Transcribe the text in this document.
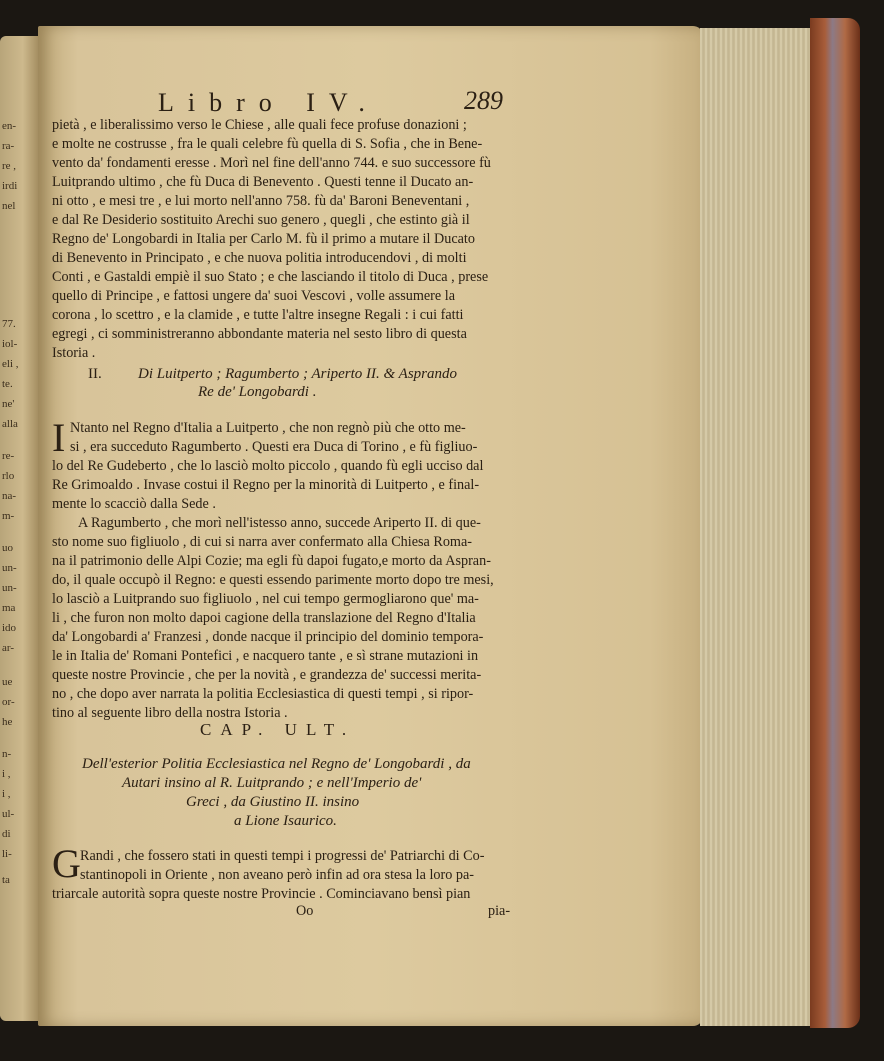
en-
ra-
re ,
irdi
nel
77.
iol-
eli ,
te.
ne'
alla
re-
rlo
na-
m-
uo
un-
un-
ma
ido
ar-
ue
or-
he
n-
i ,
i ,
ul-
di
li-
ta
Libro IV.	289
pietà , e liberalissimo verso le Chiese , alle quali fece profuse donazioni ;
e molte ne costrusse , fra le quali celebre fù quella di S. Sofia , che in Bene-
vento da' fondamenti eresse . Morì nel fine dell'anno 744. e suo successore fù
Luitprando ultimo , che fù Duca di Benevento . Questi tenne il Ducato an-
ni otto , e mesi tre , e lui morto nell'anno 758. fù da' Baroni Beneventani ,
e dal Re Desiderio sostituito Arechi suo genero , quegli , che estinto già il
Regno de' Longobardi in Italia per Carlo M. fù il primo a mutare il Ducato
di Benevento in Principato , e che nuova politia introducendovi , di molti
Conti , e Gastaldi empiè il suo Stato ; e che lasciando il titolo di Duca , prese
quello di Principe , e fattosi ungere da' suoi Vescovi , volle assumere la
corona , lo scettro , e la clamide , e tutte l'altre insegne Regali : i cui fatti
egregi , ci somministreranno abbondante materia nel sesto libro di questa
Istoria .
II. Di Luitperto ; Ragumberto ; Ariperto II. & Asprando
Re de' Longobardi .
I Ntanto nel Regno d'Italia a Luitperto , che non regnò più che otto me-
si , era succeduto Ragumberto . Questi era Duca di Torino , e fù figliuo-
lo del Re Gudeberto , che lo lasciò molto piccolo , quando fù egli ucciso dal
Re Grimoaldo . Invase costui il Regno per la minorità di Luitperto , e final-
mente lo scacciò dalla Sede .
A Ragumberto , che morì nell'istesso anno, succede Ariperto II. di que-
sto nome suo figliuolo , di cui si narra aver confermato alla Chiesa Roma-
na il patrimonio delle Alpi Cozie; ma egli fù dapoi fugato,e morto da Aspran-
do, il quale occupò il Regno: e questi essendo parimente morto dopo tre mesi,
lo lasciò a Luitprando suo figliuolo , nel cui tempo germogliarono que' ma-
li , che furon non molto dapoi cagione della translazione del Regno d'Italia
da' Longobardi a' Franzesi , donde nacque il principio del dominio tempora-
le in Italia de' Romani Pontefici , e nacquero tante , e sì strane mutazioni in
queste nostre Provincie , che per la novità , e grandezza de' successi merita-
no , che dopo aver narrata la politia Ecclesiastica di questi tempi , si ripor-
tino al seguente libro della nostra Istoria .
CAP. ULT.
Dell'esterior Politia Ecclesiastica nel Regno de' Longobardi , da
Autari insino al R. Luitprando ; e nell'Imperio de'
Greci , da Giustino II. insino
a Lione Isaurico.
G Randi , che fossero stati in questi tempi i progressi de' Patriarchi di Co-
stantinopoli in Oriente , non aveano però infin ad ora stesa la loro pa-
triarcale autorità sopra queste nostre Provincie . Cominciavano bensì pian
Oo	pia-
